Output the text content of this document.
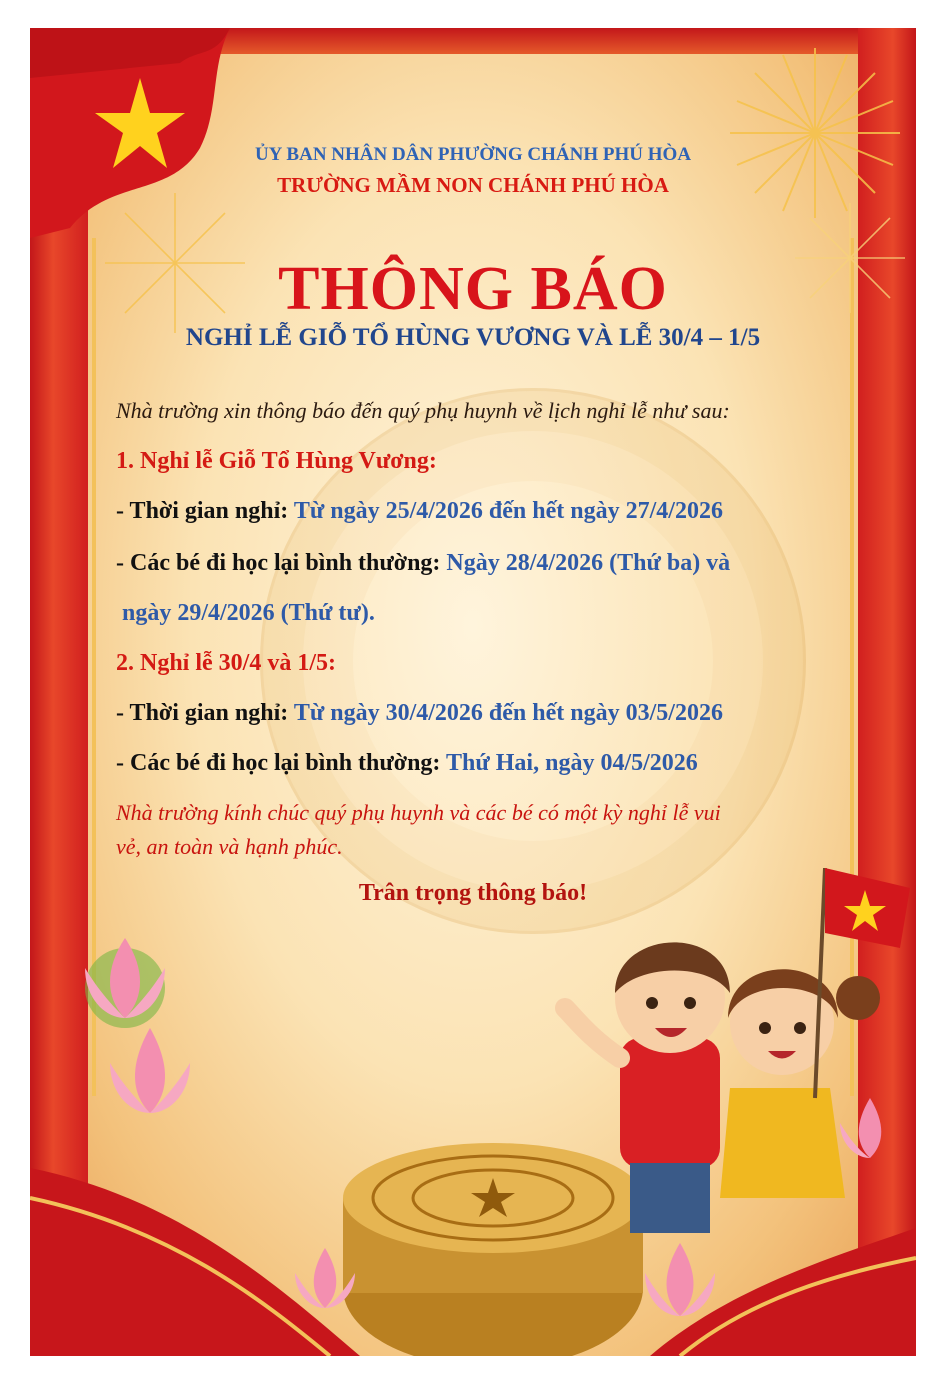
ỦY BAN NHÂN DÂN PHƯỜNG CHÁNH PHÚ HÒA
TRƯỜNG MẦM NON CHÁNH PHÚ HÒA
THÔNG BÁO
NGHỈ LỄ GIỖ TỔ HÙNG VƯƠNG VÀ LỄ 30/4 – 1/5
Nhà trường xin thông báo đến quý phụ huynh về lịch nghỉ lễ như sau:
1. Nghỉ lễ Giỗ Tổ Hùng Vương:
- Thời gian nghỉ: Từ ngày 25/4/2026 đến hết ngày 27/4/2026
- Các bé đi học lại bình thường: Ngày 28/4/2026 (Thứ ba) và
ngày 29/4/2026 (Thứ tư).
2. Nghỉ lễ 30/4 và 1/5:
- Thời gian nghỉ: Từ ngày 30/4/2026 đến hết ngày 03/5/2026
- Các bé đi học lại bình thường: Thứ Hai, ngày 04/5/2026
Nhà trường kính chúc quý phụ huynh và các bé có một kỳ nghỉ lễ vui
vẻ, an toàn và hạnh phúc.
Trân trọng thông báo!
